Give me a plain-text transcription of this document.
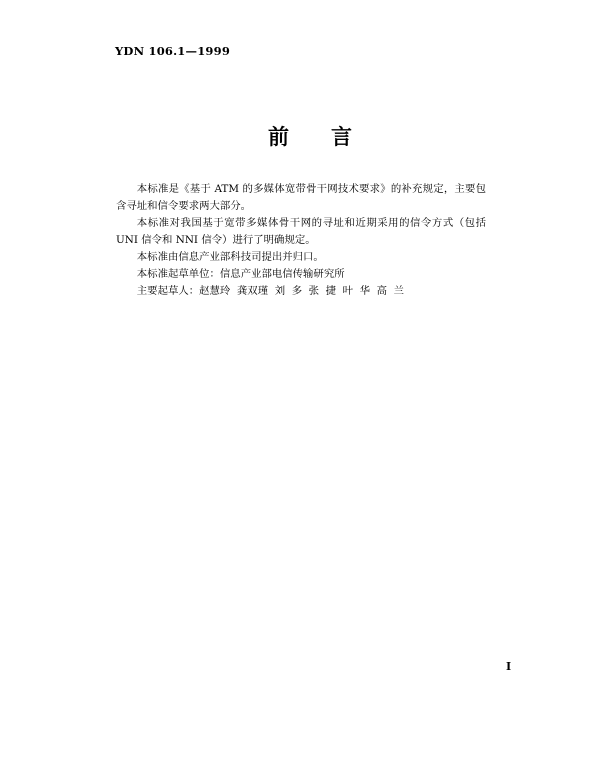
YDN 106.1—1999
前言

本标准是《基于 ATM 的多媒体宽带骨干网技术要求》的补充规定，主要包含寻址和信令要求两大部分。

本标准对我国基于宽带多媒体骨干网的寻址和近期采用的信令方式（包括 UNI 信令和 NNI 信令）进行了明确规定。

本标准由信息产业部科技司提出并归口。

本标准起草单位：信息产业部电信传输研究所

主要起草人：赵慧玲  龚双瑾  刘  多  张  捷  叶  华  高  兰

Ⅰ
